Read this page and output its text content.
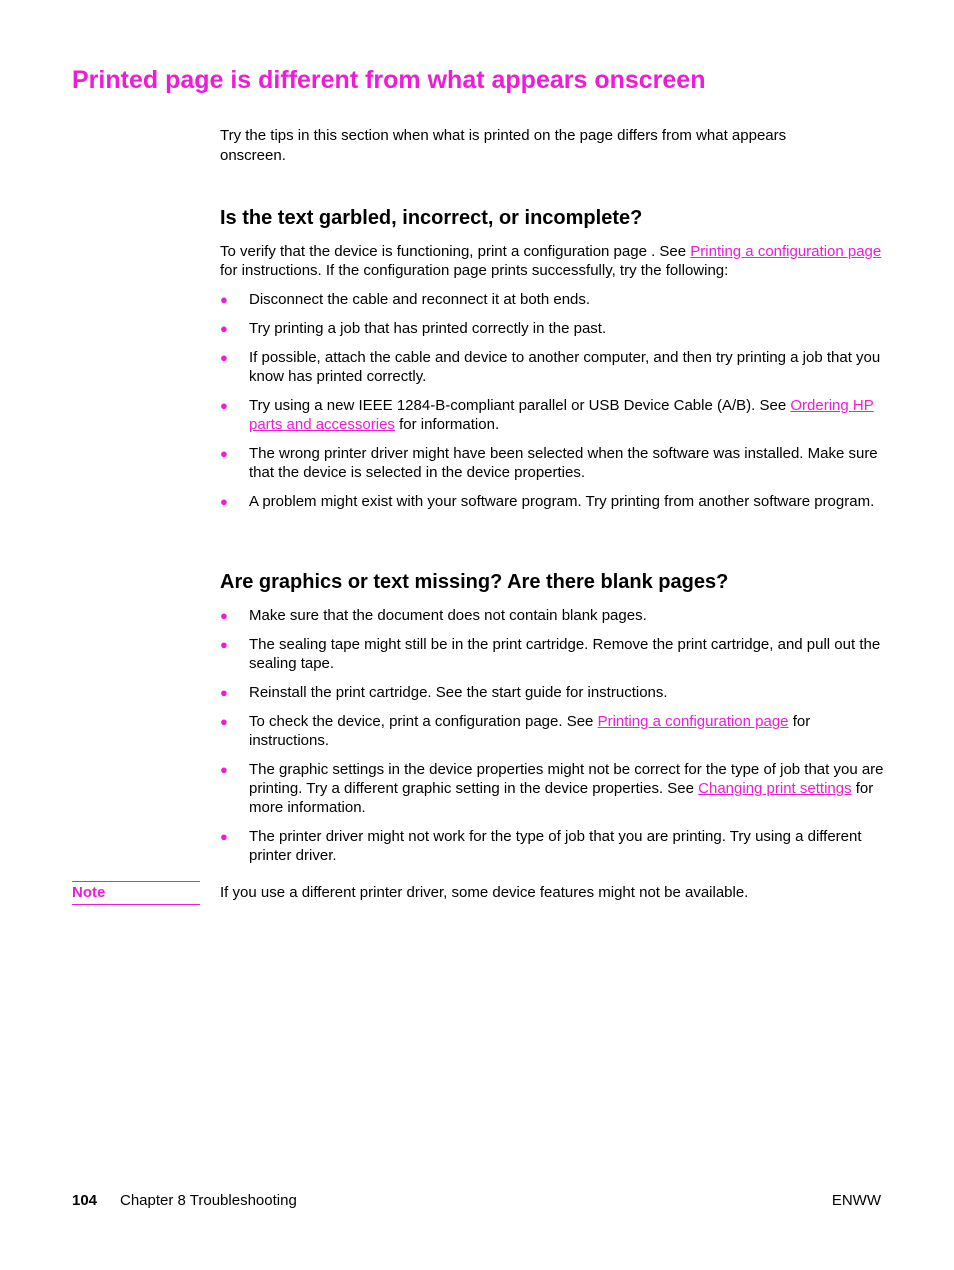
Printed page is different from what appears onscreen

Try the tips in this section when what is printed on the page differs from what appears onscreen.

Is the text garbled, incorrect, or incomplete?

To verify that the device is functioning, print a configuration page . See Printing a configuration page for instructions. If the configuration page prints successfully, try the following:

● Disconnect the cable and reconnect it at both ends.
● Try printing a job that has printed correctly in the past.
● If possible, attach the cable and device to another computer, and then try printing a job that you know has printed correctly.
● Try using a new IEEE 1284-B-compliant parallel or USB Device Cable (A/B). See Ordering HP parts and accessories for information.
● The wrong printer driver might have been selected when the software was installed. Make sure that the device is selected in the device properties.
● A problem might exist with your software program. Try printing from another software program.
Are graphics or text missing? Are there blank pages?
● Make sure that the document does not contain blank pages.
● The sealing tape might still be in the print cartridge. Remove the print cartridge, and pull out the sealing tape.
● Reinstall the print cartridge. See the start guide for instructions.
● To check the device, print a configuration page. See Printing a configuration page for instructions.
● The graphic settings in the device properties might not be correct for the type of job that you are printing. Try a different graphic setting in the device properties. See Changing print settings for more information.
● The printer driver might not work for the type of job that you are printing. Try using a different printer driver.
Note	If you use a different printer driver, some device features might not be available.

104 Chapter 8 Troubleshooting	ENWW
